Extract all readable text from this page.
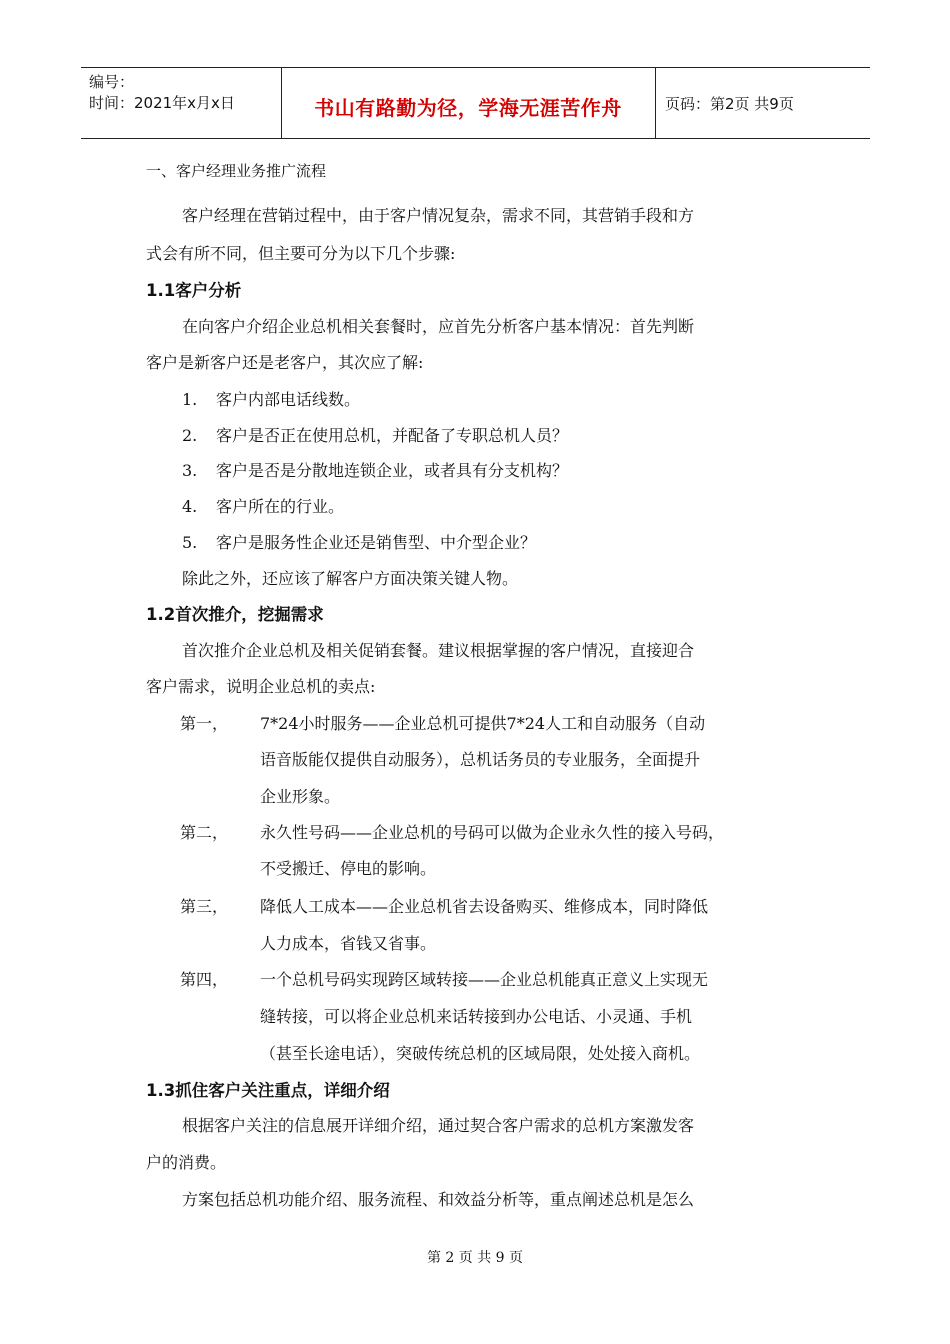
编号：
时间：2021年x月x日	书山有路勤为径，学海无涯苦作舟	页码：第2页 共9页
一、客户经理业务推广流程
客户经理在营销过程中，由于客户情况复杂，需求不同，其营销手段和方
式会有所不同，但主要可分为以下几个步骤:
1.1客户分析
在向客户介绍企业总机相关套餐时，应首先分析客户基本情况：首先判断
客户是新客户还是老客户，其次应了解:
1. 客户内部电话线数。
2. 客户是否正在使用总机，并配备了专职总机人员？
3. 客户是否是分散地连锁企业，或者具有分支机构？
4. 客户所在的行业。
5. 客户是服务性企业还是销售型、中介型企业？
除此之外，还应该了解客户方面决策关键人物。
1.2首次推介，挖掘需求
首次推介企业总机及相关促销套餐。建议根据掌握的客户情况，直接迎合
客户需求，说明企业总机的卖点:
第一， 7*24小时服务——企业总机可提供7*24人工和自动服务（自动
语音版能仅提供自动服务），总机话务员的专业服务，全面提升
企业形象。
第二， 永久性号码——企业总机的号码可以做为企业永久性的接入号码，
不受搬迁、停电的影响。
第三， 降低人工成本——企业总机省去设备购买、维修成本，同时降低
人力成本，省钱又省事。
第四， 一个总机号码实现跨区域转接——企业总机能真正意义上实现无
缝转接，可以将企业总机来话转接到办公电话、小灵通、手机
（甚至长途电话），突破传统总机的区域局限，处处接入商机。
1.3抓住客户关注重点，详细介绍
根据客户关注的信息展开详细介绍，通过契合客户需求的总机方案激发客
户的消费。
方案包括总机功能介绍、服务流程、和效益分析等，重点阐述总机是怎么
第 2 页 共 9 页
